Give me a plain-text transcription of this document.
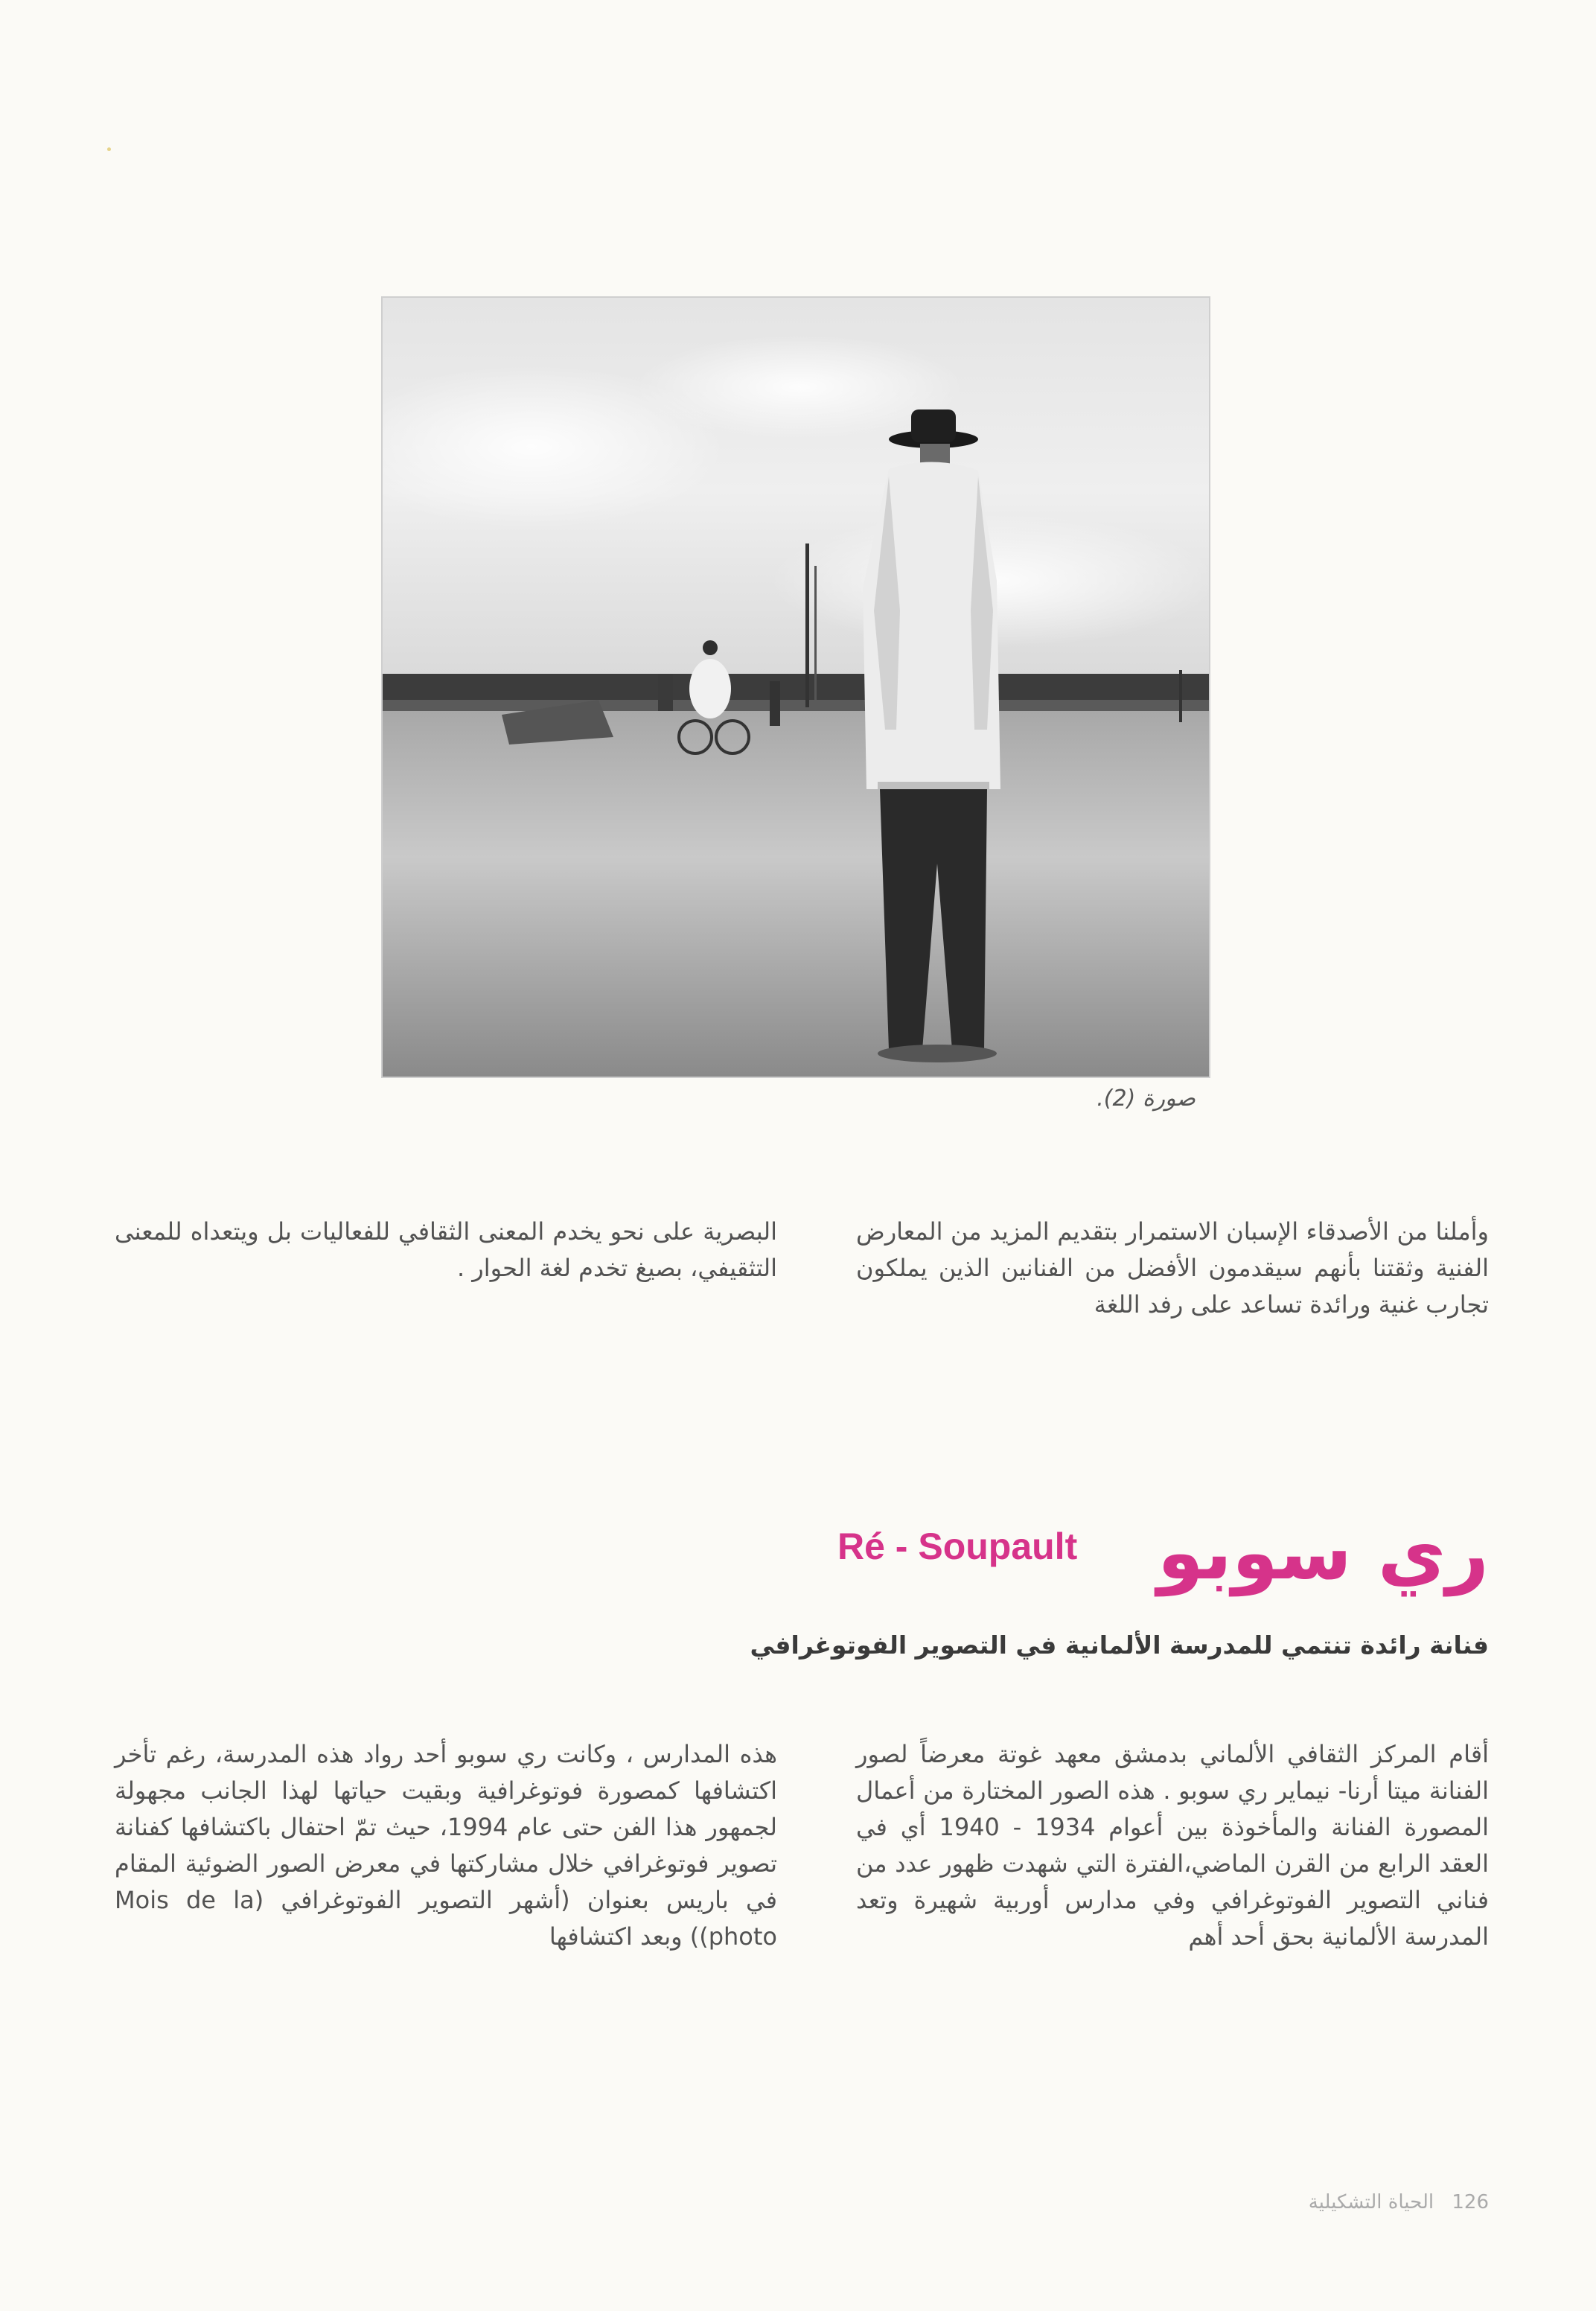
صورة (2).

وأملنا من الأصدقاء الإسبان الاستمرار بتقديم المزيد من المعارض الفنية وثقتنا بأنهم سيقدمون الأفضل من الفنانين الذين يملكون تجارب غنية ورائدة تساعد على رفد اللغة

البصرية على نحو يخدم المعنى الثقافي للفعاليات بل ويتعداه للمعنى التثقيفي، بصيغ تخدم لغة الحوار .

ري سوبو
Ré - Soupault
فنانة رائدة تنتمي للمدرسة الألمانية في التصوير الفوتوغرافي

أقام المركز الثقافي الألماني بدمشق معهد غوتة معرضاً لصور الفنانة ميتا أرنا- نيماير ري سوبو . هذه الصور المختارة من أعمال المصورة الفنانة والمأخوذة بين أعوام 1934 - 1940 أي في العقد الرابع من القرن الماضي،الفترة التي شهدت ظهور عدد من فناني التصوير الفوتوغرافي وفي مدارس أوربية شهيرة وتعد المدرسة الألمانية بحق أحد أهم

هذه المدارس ، وكانت ري سوبو أحد رواد هذه المدرسة، رغم تأخر اكتشافها كمصورة فوتوغرافية وبقيت حياتها لهذا الجانب مجهولة لجمهور هذا الفن حتى عام 1994، حيث تمّ احتفال باكتشافها كفنانة تصوير فوتوغرافي خلال مشاركتها في معرض الصور الضوئية المقام في باريس بعنوان (أشهر التصوير الفوتوغرافي (Mois de la photo)) وبعد اكتشافها

126 الحياة التشكيلية
